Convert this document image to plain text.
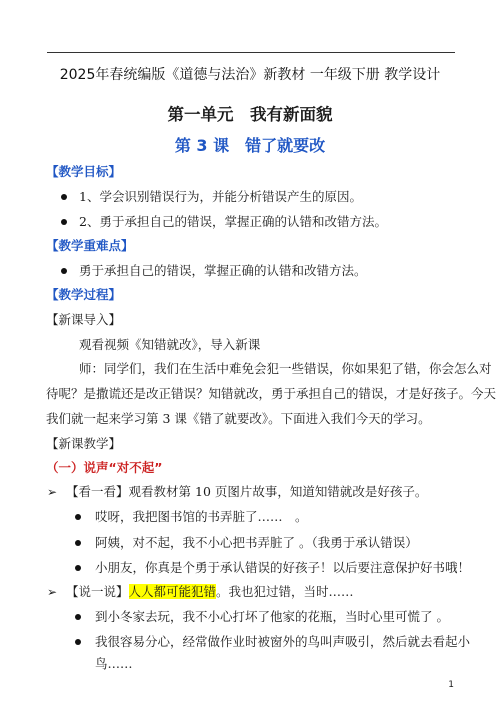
2025年春统编版《道德与法治》新教材 一年级下册 教学设计
第一单元　我有新面貌
第 3 课　错了就要改
【教学目标】
1、学会识别错误行为，并能分析错误产生的原因。
2、勇于承担自己的错误，掌握正确的认错和改错方法。
【教学重难点】
勇于承担自己的错误，掌握正确的认错和改错方法。
【教学过程】
【新课导入】
观看视频《知错就改》，导入新课
师：同学们，我们在生活中难免会犯一些错误，你如果犯了错，你会怎么对
待呢？是撒谎还是改正错误？知错就改，勇于承担自己的错误，才是好孩子。今天
我们就一起来学习第 3 课《错了就要改》。下面进入我们今天的学习。
【新课教学】
（一）说声“对不起”
➢ 【看一看】观看教材第 10 页图片故事，知道知错就改是好孩子。
哎呀，我把图书馆的书弄脏了……　。
阿姨，对不起，我不小心把书弄脏了 。（我勇于承认错误）
小朋友，你真是个勇于承认错误的好孩子！以后要注意保护好书哦！
➢ 【说一说】人人都可能犯错。我也犯过错，当时……
到小冬家去玩，我不小心打坏了他家的花瓶，当时心里可慌了 。
我很容易分心，经常做作业时被窗外的鸟叫声吸引，然后就去看起小
鸟……
1
